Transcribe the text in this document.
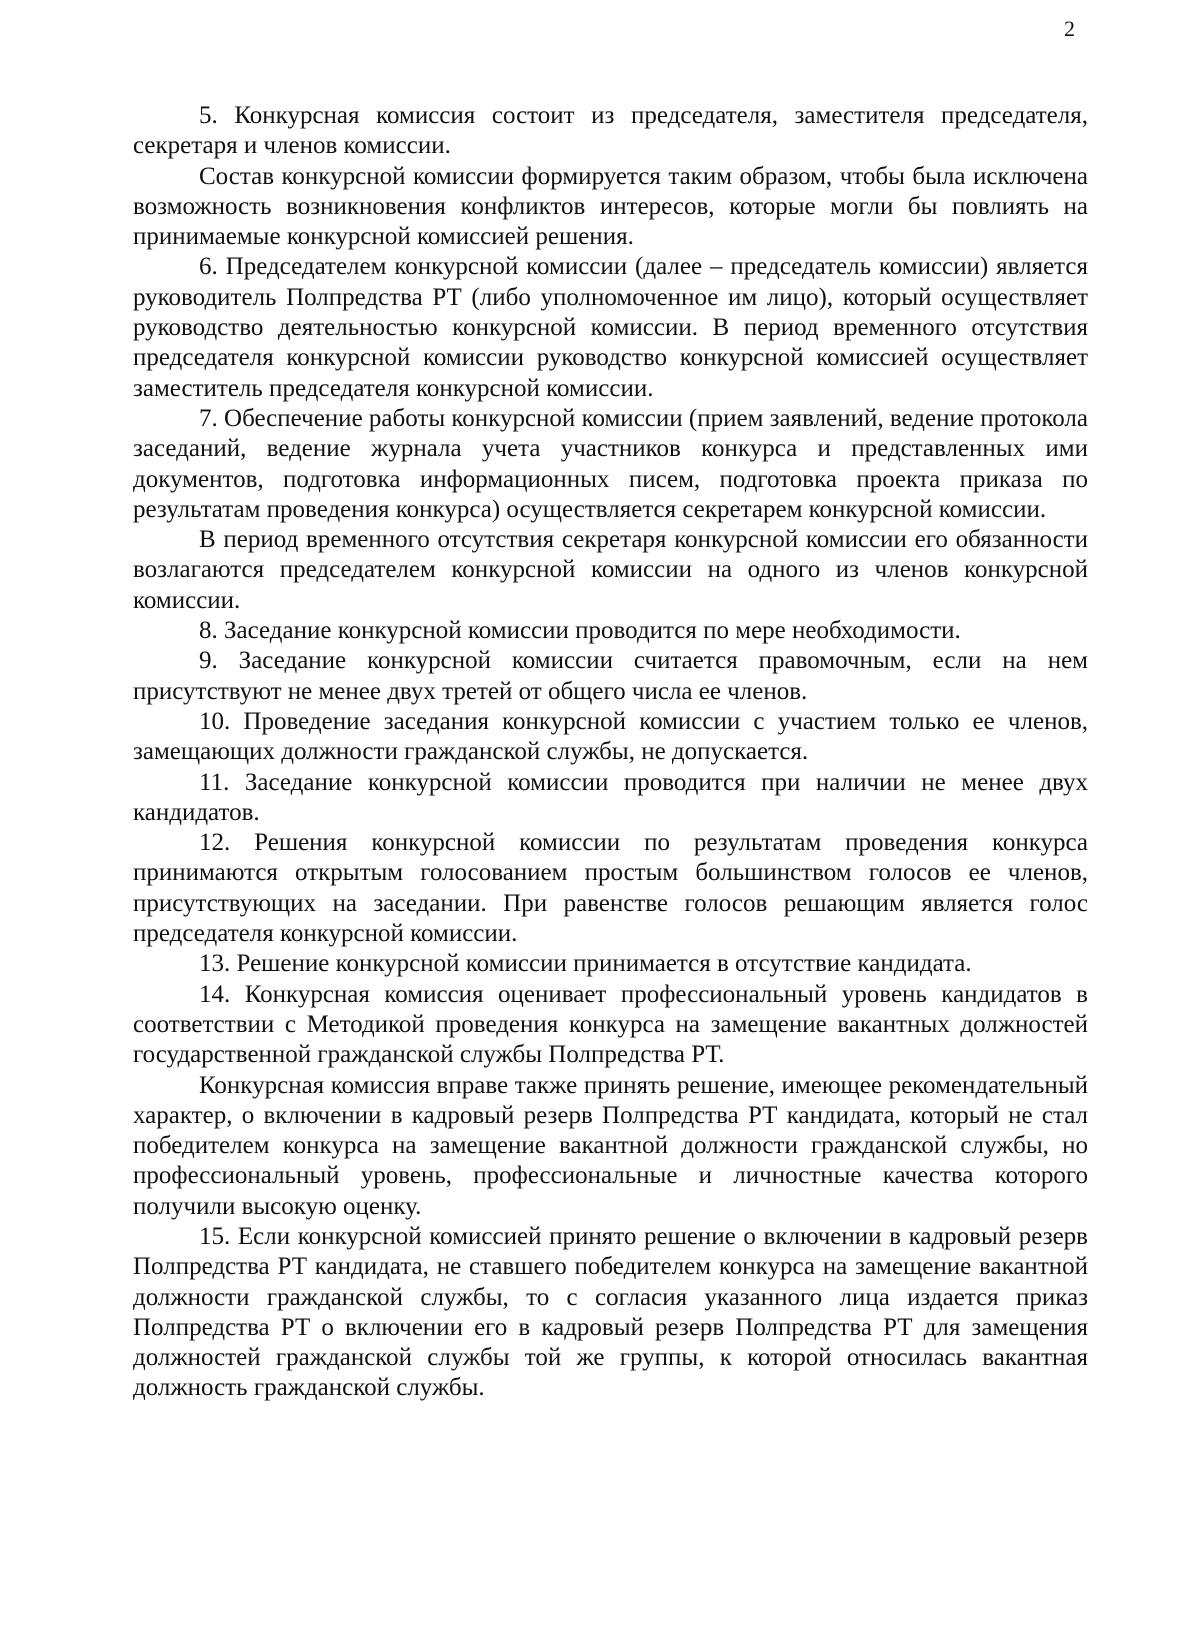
2

5. Конкурсная комиссия состоит из председателя, заместителя председателя, секретаря и членов комиссии.

Состав конкурсной комиссии формируется таким образом, чтобы была исключена возможность возникновения конфликтов интересов, которые могли бы повлиять на принимаемые конкурсной комиссией решения.

6. Председателем конкурсной комиссии (далее – председатель комиссии) является руководитель Полпредства РТ (либо уполномоченное им лицо), который осуществляет руководство деятельностью конкурсной комиссии. В период временного отсутствия председателя конкурсной комиссии руководство конкурсной комиссией осуществляет заместитель председателя конкурсной комиссии.

7. Обеспечение работы конкурсной комиссии (прием заявлений, ведение протокола заседаний, ведение журнала учета участников конкурса и представленных ими документов, подготовка информационных писем, подготовка проекта приказа по результатам проведения конкурса) осуществляется секретарем конкурсной комиссии.

В период временного отсутствия секретаря конкурсной комиссии его обязанности возлагаются председателем конкурсной комиссии на одного из членов конкурсной комиссии.

8. Заседание конкурсной комиссии проводится по мере необходимости.

9. Заседание конкурсной комиссии считается правомочным, если на нем присутствуют не менее двух третей от общего числа ее членов.

10. Проведение заседания конкурсной комиссии с участием только ее членов, замещающих должности гражданской службы, не допускается.

11. Заседание конкурсной комиссии проводится при наличии не менее двух кандидатов.

12. Решения конкурсной комиссии по результатам проведения конкурса принимаются открытым голосованием простым большинством голосов ее членов, присутствующих на заседании. При равенстве голосов решающим является голос председателя конкурсной комиссии.

13. Решение конкурсной комиссии принимается в отсутствие кандидата.

14. Конкурсная комиссия оценивает профессиональный уровень кандидатов в соответствии с Методикой проведения конкурса на замещение вакантных должностей государственной гражданской службы Полпредства РТ.

Конкурсная комиссия вправе также принять решение, имеющее рекомендательный характер, о включении в кадровый резерв Полпредства РТ кандидата, который не стал победителем конкурса на замещение вакантной должности гражданской службы, но профессиональный уровень, профессиональные и личностные качества которого получили высокую оценку.

15. Если конкурсной комиссией принято решение о включении в кадровый резерв Полпредства РТ кандидата, не ставшего победителем конкурса на замещение вакантной должности гражданской службы, то с согласия указанного лица издается приказ Полпредства РТ о включении его в кадровый резерв Полпредства РТ для замещения должностей гражданской службы той же группы, к которой относилась вакантная должность гражданской службы.
